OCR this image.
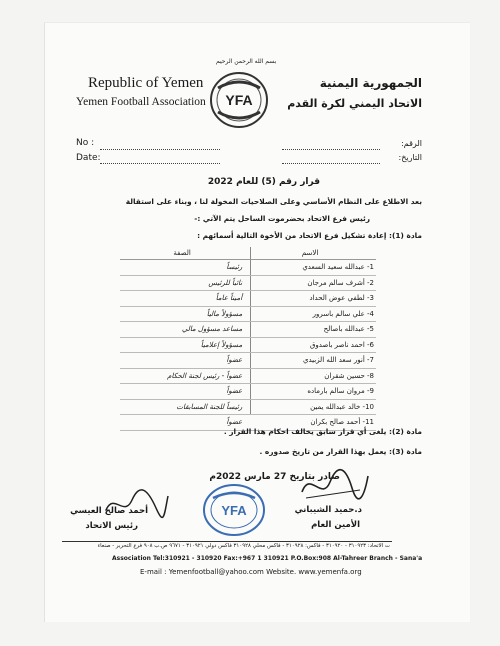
Republic of Yemen
Yemen Football Association
الجمهورية اليمنية
الاتحاد اليمني لكرة القدم
بسم الله الرحمن الرحيم
YFA
No :
Date:
الرقم:
التاريخ:
قرار رقم (5) للعام 2022
بعد الاطلاع على النظام الأساسي وعلى الصلاحيات المخولة لنا ، وبناء على استقالة
رئيس فرع الاتحاد بحضرموت الساحل يتم الآتي :-
مادة (1): إعادة تشكيل فرع الاتحاد من الأخوة التالية أسمائهم :
الاسم	الصفة
1- عبدالله سعيد السعدي	رئيساً
2- أشرف سالم مرجان	نائباً للرئيس
3- لطفي عوض الحداد	أميناً عاماً
4- علي سالم باسرور	مسؤولاً مالياً
5- عبدالله باصالح	مساعد مسؤول مالي
6- احمد ناصر باصدوق	مسؤولاً إعلامياً
7- أنور سعد الله الزبيدي	عضواً
8- حسين شقران	عضواً - رئيس لجنة الحكام
9- مروان سالم بارماده	عضواً
10- خالد عبدالله يمين	رئيساً للجنة المسابقات
11- أحمد صالح بكران	عضواً
مادة (2): يلغى أي قرار سابق يخالف احكام هذا القرار .
مادة (3): يعمل بهذا القرار من تاريخ صدوره .
صادر بتاريخ 27 مارس 2022م
د.حميد الشيباني
الأمين العام
أحمد صالح العيسي
رئيس الاتحاد
YFA
ت الاتحاد: ٣١٠٩٢٣ - ٣١٠٩٢٠ - فاكس: ٣١٠٩٢٨ - فاكس محلي ٣١٠٩٢٨ فاكس دولي ٣١٠٩٢١ - ٩٦٧١ ص.ب ٩٠٨ فرع التحرير - صنعاء
Association Tel:310921 - 310920 Fax:+967 1 310921 P.O.Box:908 Al-Tahreer Branch - Sana'a
E-mail : Yemenfootball@yahoo.com Website. www.yemenfa.org
